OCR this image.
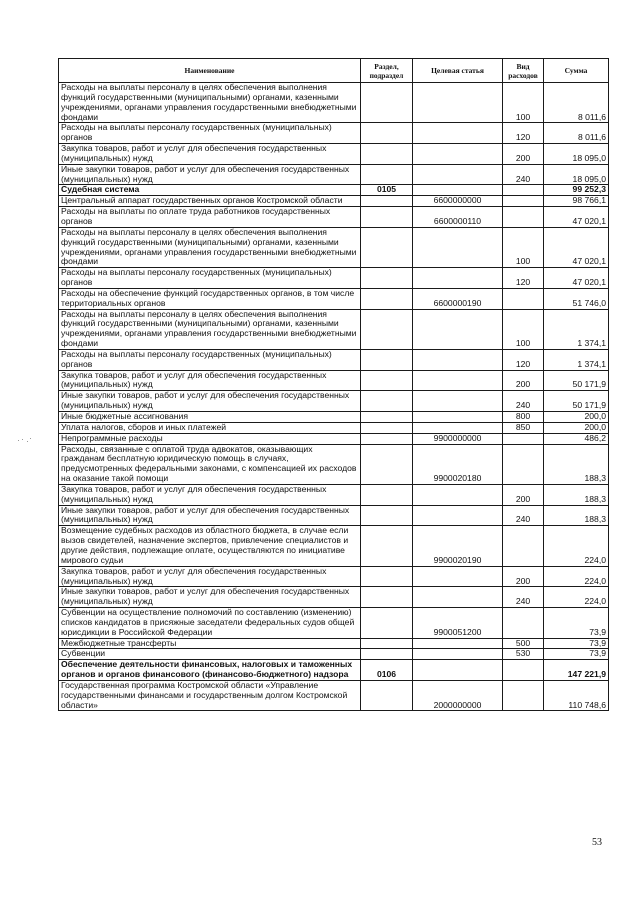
Наименование	Раздел, подраздел	Целевая статья	Вид расходов	Сумма
Расходы на выплаты персоналу в целях обеспечения выполнения функций государственными (муниципальными) органами, казенными учреждениями, органами управления государственными внебюджетными фондами			100	8 011,6
Расходы на выплаты персоналу государственных (муниципальных) органов			120	8 011,6
Закупка товаров, работ и услуг для обеспечения государственных (муниципальных) нужд			200	18 095,0
Иные закупки товаров, работ и услуг для обеспечения государственных (муниципальных) нужд			240	18 095,0
Судебная система	0105			99 252,3
Центральный аппарат государственных органов Костромской области		6600000000		98 766,1
Расходы на выплаты по оплате труда работников государственных органов		6600000110		47 020,1
Расходы на выплаты персоналу в целях обеспечения выполнения функций государственными (муниципальными) органами, казенными учреждениями, органами управления государственными внебюджетными фондами			100	47 020,1
Расходы на выплаты персоналу государственных (муниципальных) органов			120	47 020,1
Расходы на обеспечение функций государственных органов, в том числе территориальных органов		6600000190		51 746,0
Расходы на выплаты персоналу в целях обеспечения выполнения функций государственными (муниципальными) органами, казенными учреждениями, органами управления государственными внебюджетными фондами			100	1 374,1
Расходы на выплаты персоналу государственных (муниципальных) органов			120	1 374,1
Закупка товаров, работ и услуг для обеспечения государственных (муниципальных) нужд			200	50 171,9
Иные закупки товаров, работ и услуг для обеспечения государственных (муниципальных) нужд			240	50 171,9
Иные бюджетные ассигнования			800	200,0
Уплата налогов, сборов и иных платежей			850	200,0
Непрограммные расходы		9900000000		486,2
Расходы, связанные с оплатой труда адвокатов, оказывающих гражданам бесплатную юридическую помощь в случаях, предусмотренных федеральными законами, с компенсацией их расходов на оказание такой помощи		9900020180		188,3
Закупка товаров, работ и услуг для обеспечения государственных (муниципальных) нужд			200	188,3
Иные закупки товаров, работ и услуг для обеспечения государственных (муниципальных) нужд			240	188,3
Возмещение судебных расходов из областного бюджета, в случае если вызов свидетелей, назначение экспертов, привлечение специалистов и другие действия, подлежащие оплате, осуществляются по инициативе мирового судьи		9900020190		224,0
Закупка товаров, работ и услуг для обеспечения государственных (муниципальных) нужд			200	224,0
Иные закупки товаров, работ и услуг для обеспечения государственных (муниципальных) нужд			240	224,0
Субвенции на осуществление полномочий по составлению (изменению) списков кандидатов в присяжные заседатели федеральных судов общей юрисдикции в Российской Федерации		9900051200		73,9
Межбюджетные трансферты			500	73,9
Субвенции			530	73,9
Обеспечение деятельности финансовых, налоговых и таможенных органов и органов финансового (финансово-бюджетного) надзора	0106			147 221,9
Государственная программа Костромской области «Управление государственными финансами и государственным долгом Костромской области»		2000000000		110 748,6
53
